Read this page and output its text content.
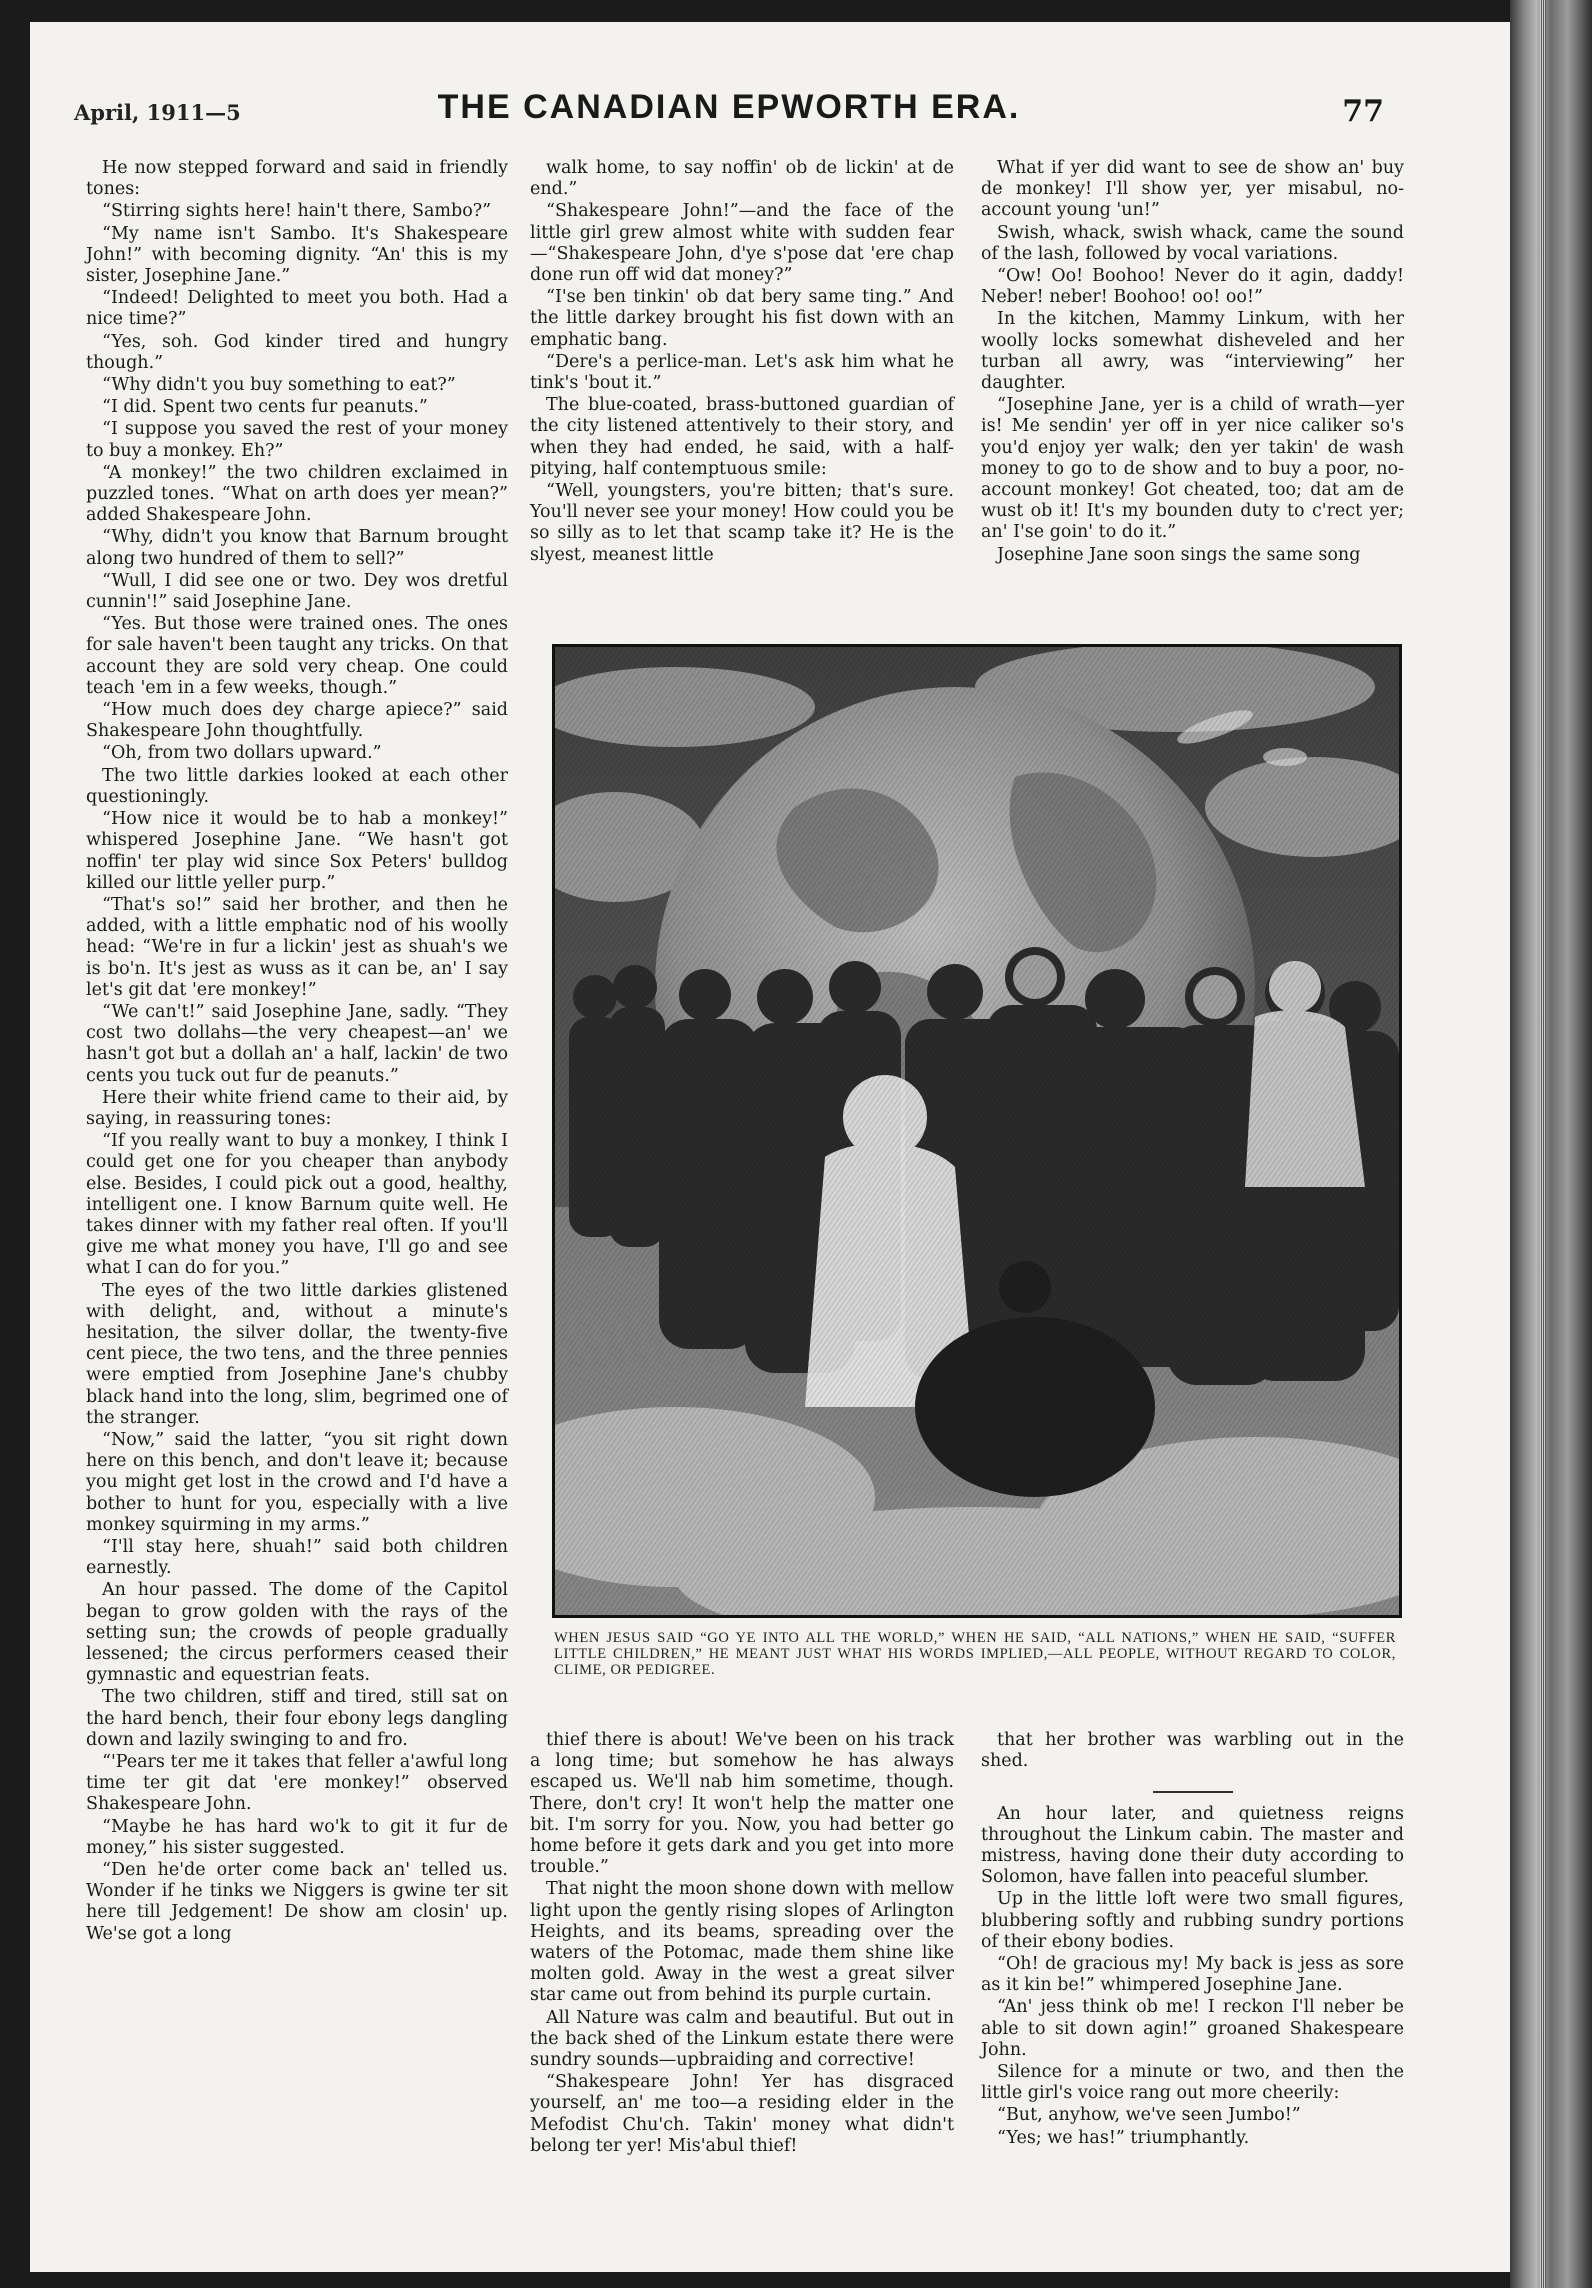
April, 1911—5	THE CANADIAN EPWORTH ERA.	77

He now stepped forward and said in friendly tones:

“Stirring sights here! hain't there, Sambo?”

“My name isn't Sambo. It's Shakespeare John!” with becoming dignity. “An' this is my sister, Josephine Jane.”

“Indeed! Delighted to meet you both. Had a nice time?”

“Yes, soh. God kinder tired and hungry though.”

“Why didn't you buy something to eat?”

“I did. Spent two cents fur peanuts.”

“I suppose you saved the rest of your money to buy a monkey. Eh?”

“A monkey!” the two children exclaimed in puzzled tones. “What on arth does yer mean?” added Shakespeare John.

“Why, didn't you know that Barnum brought along two hundred of them to sell?”

“Wull, I did see one or two. Dey wos dretful cunnin'!” said Josephine Jane.

“Yes. But those were trained ones. The ones for sale haven't been taught any tricks. On that account they are sold very cheap. One could teach 'em in a few weeks, though.”

“How much does dey charge apiece?” said Shakespeare John thoughtfully.

“Oh, from two dollars upward.”

The two little darkies looked at each other questioningly.

“How nice it would be to hab a monkey!” whispered Josephine Jane. “We hasn't got noffin' ter play wid since Sox Peters' bulldog killed our little yeller purp.”

“That's so!” said her brother, and then he added, with a little emphatic nod of his woolly head: “We're in fur a lickin' jest as shuah's we is bo'n. It's jest as wuss as it can be, an' I say let's git dat 'ere monkey!”

“We can't!” said Josephine Jane, sadly. “They cost two dollahs—the very cheapest—an' we hasn't got but a dollah an' a half, lackin' de two cents you tuck out fur de peanuts.”

Here their white friend came to their aid, by saying, in reassuring tones:

“If you really want to buy a monkey, I think I could get one for you cheaper than anybody else. Besides, I could pick out a good, healthy, intelligent one. I know Barnum quite well. He takes dinner with my father real often. If you'll give me what money you have, I'll go and see what I can do for you.”

The eyes of the two little darkies glistened with delight, and, without a minute's hesitation, the silver dollar, the twenty-five cent piece, the two tens, and the three pennies were emptied from Josephine Jane's chubby black hand into the long, slim, begrimed one of the stranger.

“Now,” said the latter, “you sit right down here on this bench, and don't leave it; because you might get lost in the crowd and I'd have a bother to hunt for you, especially with a live monkey squirming in my arms.”

“I'll stay here, shuah!” said both children earnestly.

An hour passed. The dome of the Capitol began to grow golden with the rays of the setting sun; the crowds of people gradually lessened; the circus performers ceased their gymnastic and equestrian feats.

The two children, stiff and tired, still sat on the hard bench, their four ebony legs dangling down and lazily swinging to and fro.

“'Pears ter me it takes that feller a'awful long time ter git dat 'ere monkey!” observed Shakespeare John.

“Maybe he has hard wo'k to git it fur de money,” his sister suggested.

“Den he'de orter come back an' telled us. Wonder if he tinks we Niggers is gwine ter sit here till Jedgement! De show am closin' up. We'se got a long

walk home, to say noffin' ob de lickin' at de end.”

“Shakespeare John!”—and the face of the little girl grew almost white with sudden fear—“Shakespeare John, d'ye s'pose dat 'ere chap done run off wid dat money?”

“I'se ben tinkin' ob dat bery same ting.” And the little darkey brought his fist down with an emphatic bang.

“Dere's a perlice-man. Let's ask him what he tink's 'bout it.”

The blue-coated, brass-buttoned guardian of the city listened attentively to their story, and when they had ended, he said, with a half-pitying, half contemptuous smile:

“Well, youngsters, you're bitten; that's sure. You'll never see your money! How could you be so silly as to let that scamp take it? He is the slyest, meanest little

What if yer did want to see de show an' buy de monkey! I'll show yer, yer misabul, no-account young 'un!”

Swish, whack, swish whack, came the sound of the lash, followed by vocal variations.

“Ow! Oo! Boohoo! Never do it agin, daddy! Neber! neber! Boohoo! oo! oo!”

In the kitchen, Mammy Linkum, with her woolly locks somewhat disheveled and her turban all awry, was “interviewing” her daughter.

“Josephine Jane, yer is a child of wrath—yer is! Me sendin' yer off in yer nice caliker so's you'd enjoy yer walk; den yer takin' de wash money to go to de show and to buy a poor, no-account monkey! Got cheated, too; dat am de wust ob it! It's my bounden duty to c'rect yer; an' I'se goin' to do it.”

Josephine Jane soon sings the same song

WHEN JESUS SAID “GO YE INTO ALL THE WORLD,” WHEN HE SAID, “ALL NATIONS,” WHEN HE SAID, “SUFFER LITTLE CHILDREN,” HE MEANT JUST WHAT HIS WORDS IMPLIED,—ALL PEOPLE, WITHOUT REGARD TO COLOR, CLIME, OR PEDIGREE.

thief there is about! We've been on his track a long time; but somehow he has always escaped us. We'll nab him sometime, though. There, don't cry! It won't help the matter one bit. I'm sorry for you. Now, you had better go home before it gets dark and you get into more trouble.”

That night the moon shone down with mellow light upon the gently rising slopes of Arlington Heights, and its beams, spreading over the waters of the Potomac, made them shine like molten gold. Away in the west a great silver star came out from behind its purple curtain.

All Nature was calm and beautiful. But out in the back shed of the Linkum estate there were sundry sounds—upbraiding and corrective!

“Shakespeare John! Yer has disgraced yourself, an' me too—a residing elder in the Mefodist Chu'ch. Takin' money what didn't belong ter yer! Mis'abul thief!

that her brother was warbling out in the shed.

An hour later, and quietness reigns throughout the Linkum cabin. The master and mistress, having done their duty according to Solomon, have fallen into peaceful slumber.

Up in the little loft were two small figures, blubbering softly and rubbing sundry portions of their ebony bodies.

“Oh! de gracious my! My back is jess as sore as it kin be!” whimpered Josephine Jane.

“An' jess think ob me! I reckon I'll neber be able to sit down agin!” groaned Shakespeare John.

Silence for a minute or two, and then the little girl's voice rang out more cheerily:

“But, anyhow, we've seen Jumbo!”

“Yes; we has!” triumphantly.
